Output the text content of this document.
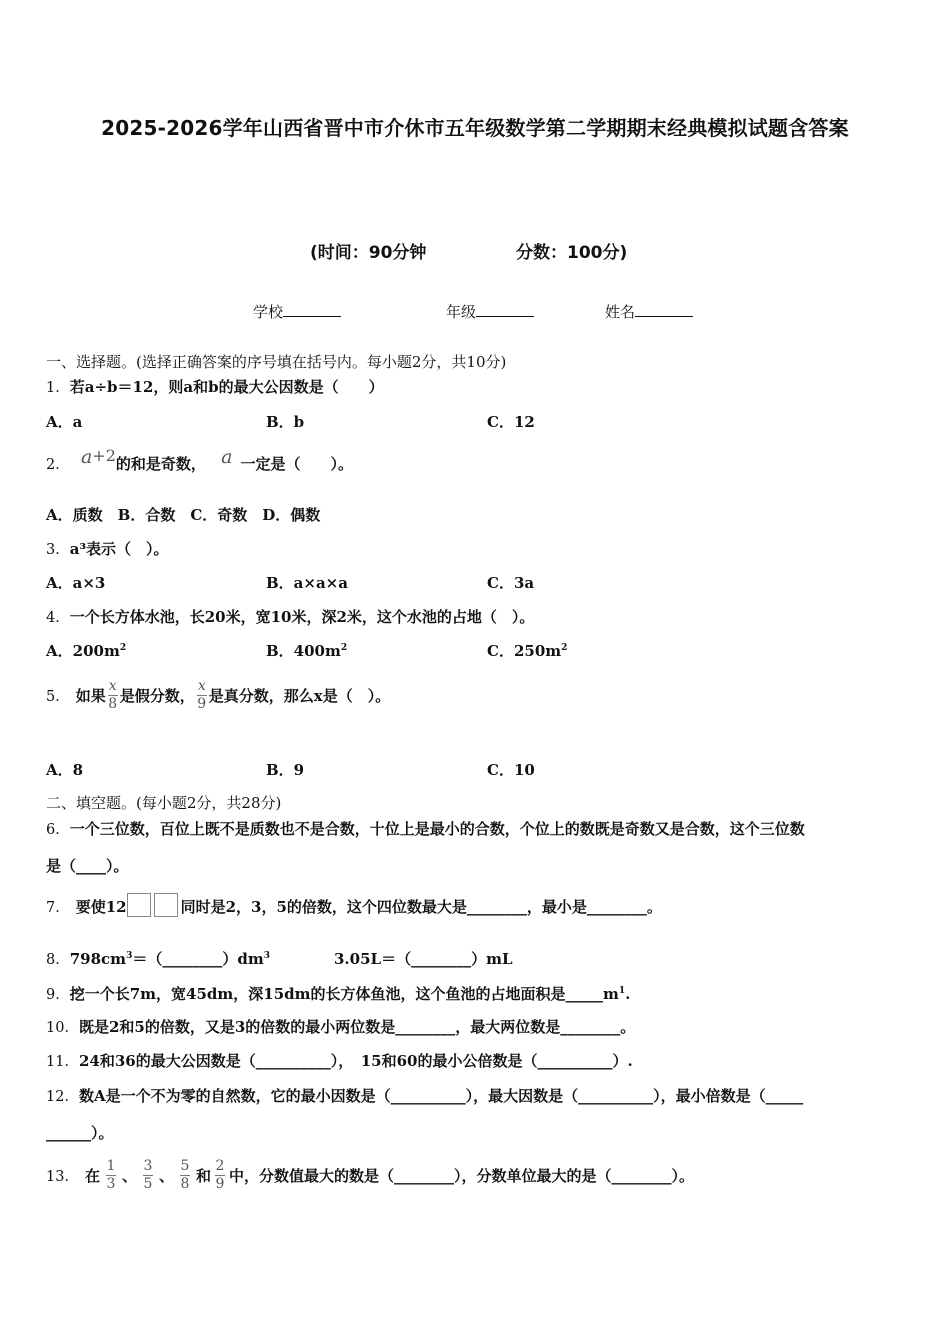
2025-2026学年山西省晋中市介休市五年级数学第二学期期末经典模拟试题含答案
(时间：90分钟	分数：100分)
学校	年级	姓名
一、选择题。(选择正确答案的序号填在括号内。每小题2分，共10分)
1．若a÷b＝12，则a和b的最大公因数是（　　）
A．a	B．b	C．12
2． a+2的和是奇数， a 一定是（　　）。
A．质数　B．合数　C．奇数　D．偶数
3．a³表示（　）。
A．a×3	B．a×a×a	C．3a
4．一个长方体水池，长20米，宽10米，深2米，这个水池的占地（　）。
A．$200m^2$	B．$400m^2$	C．$250m^2$
5． 如果 $\frac{x}{8}$ 是假分数， $\frac{x}{9}$ 是真分数，那么x是（　）。
A．8	B．9	C．10
二、填空题。(每小题2分，共28分)
6．一个三位数，百位上既不是质数也不是合数，十位上是最小的合数，个位上的数既是奇数又是合数，这个三位数
是（____）。
7． 要使12	同时是2，3，5的倍数，这个四位数最大是________，最小是________。
8．$798cm^3=(\_\_\_\_\_\_\_\_)dm^3$	3.05L＝（________）mL
9．挖一个长7m，宽45dm，深15dm的长方体鱼池，这个鱼池的占地面积是$\_\_\_\_\_m^1$.
10．既是2和5的倍数，又是3的倍数的最小两位数是________，最大两位数是________。
11．24和36的最大公因数是（__________），　15和60的最小公倍数是（__________）.
12．数A是一个不为零的自然数，它的最小因数是（__________），最大因数是（__________），最小倍数是（_____
______）。
13． 在 $\frac{1}{3}$ 、 $\frac{3}{5}$ 、 $\frac{5}{8}$ 和 $\frac{2}{9}$ 中，分数值最大的数是（________），分数单位最大的是（________）。
